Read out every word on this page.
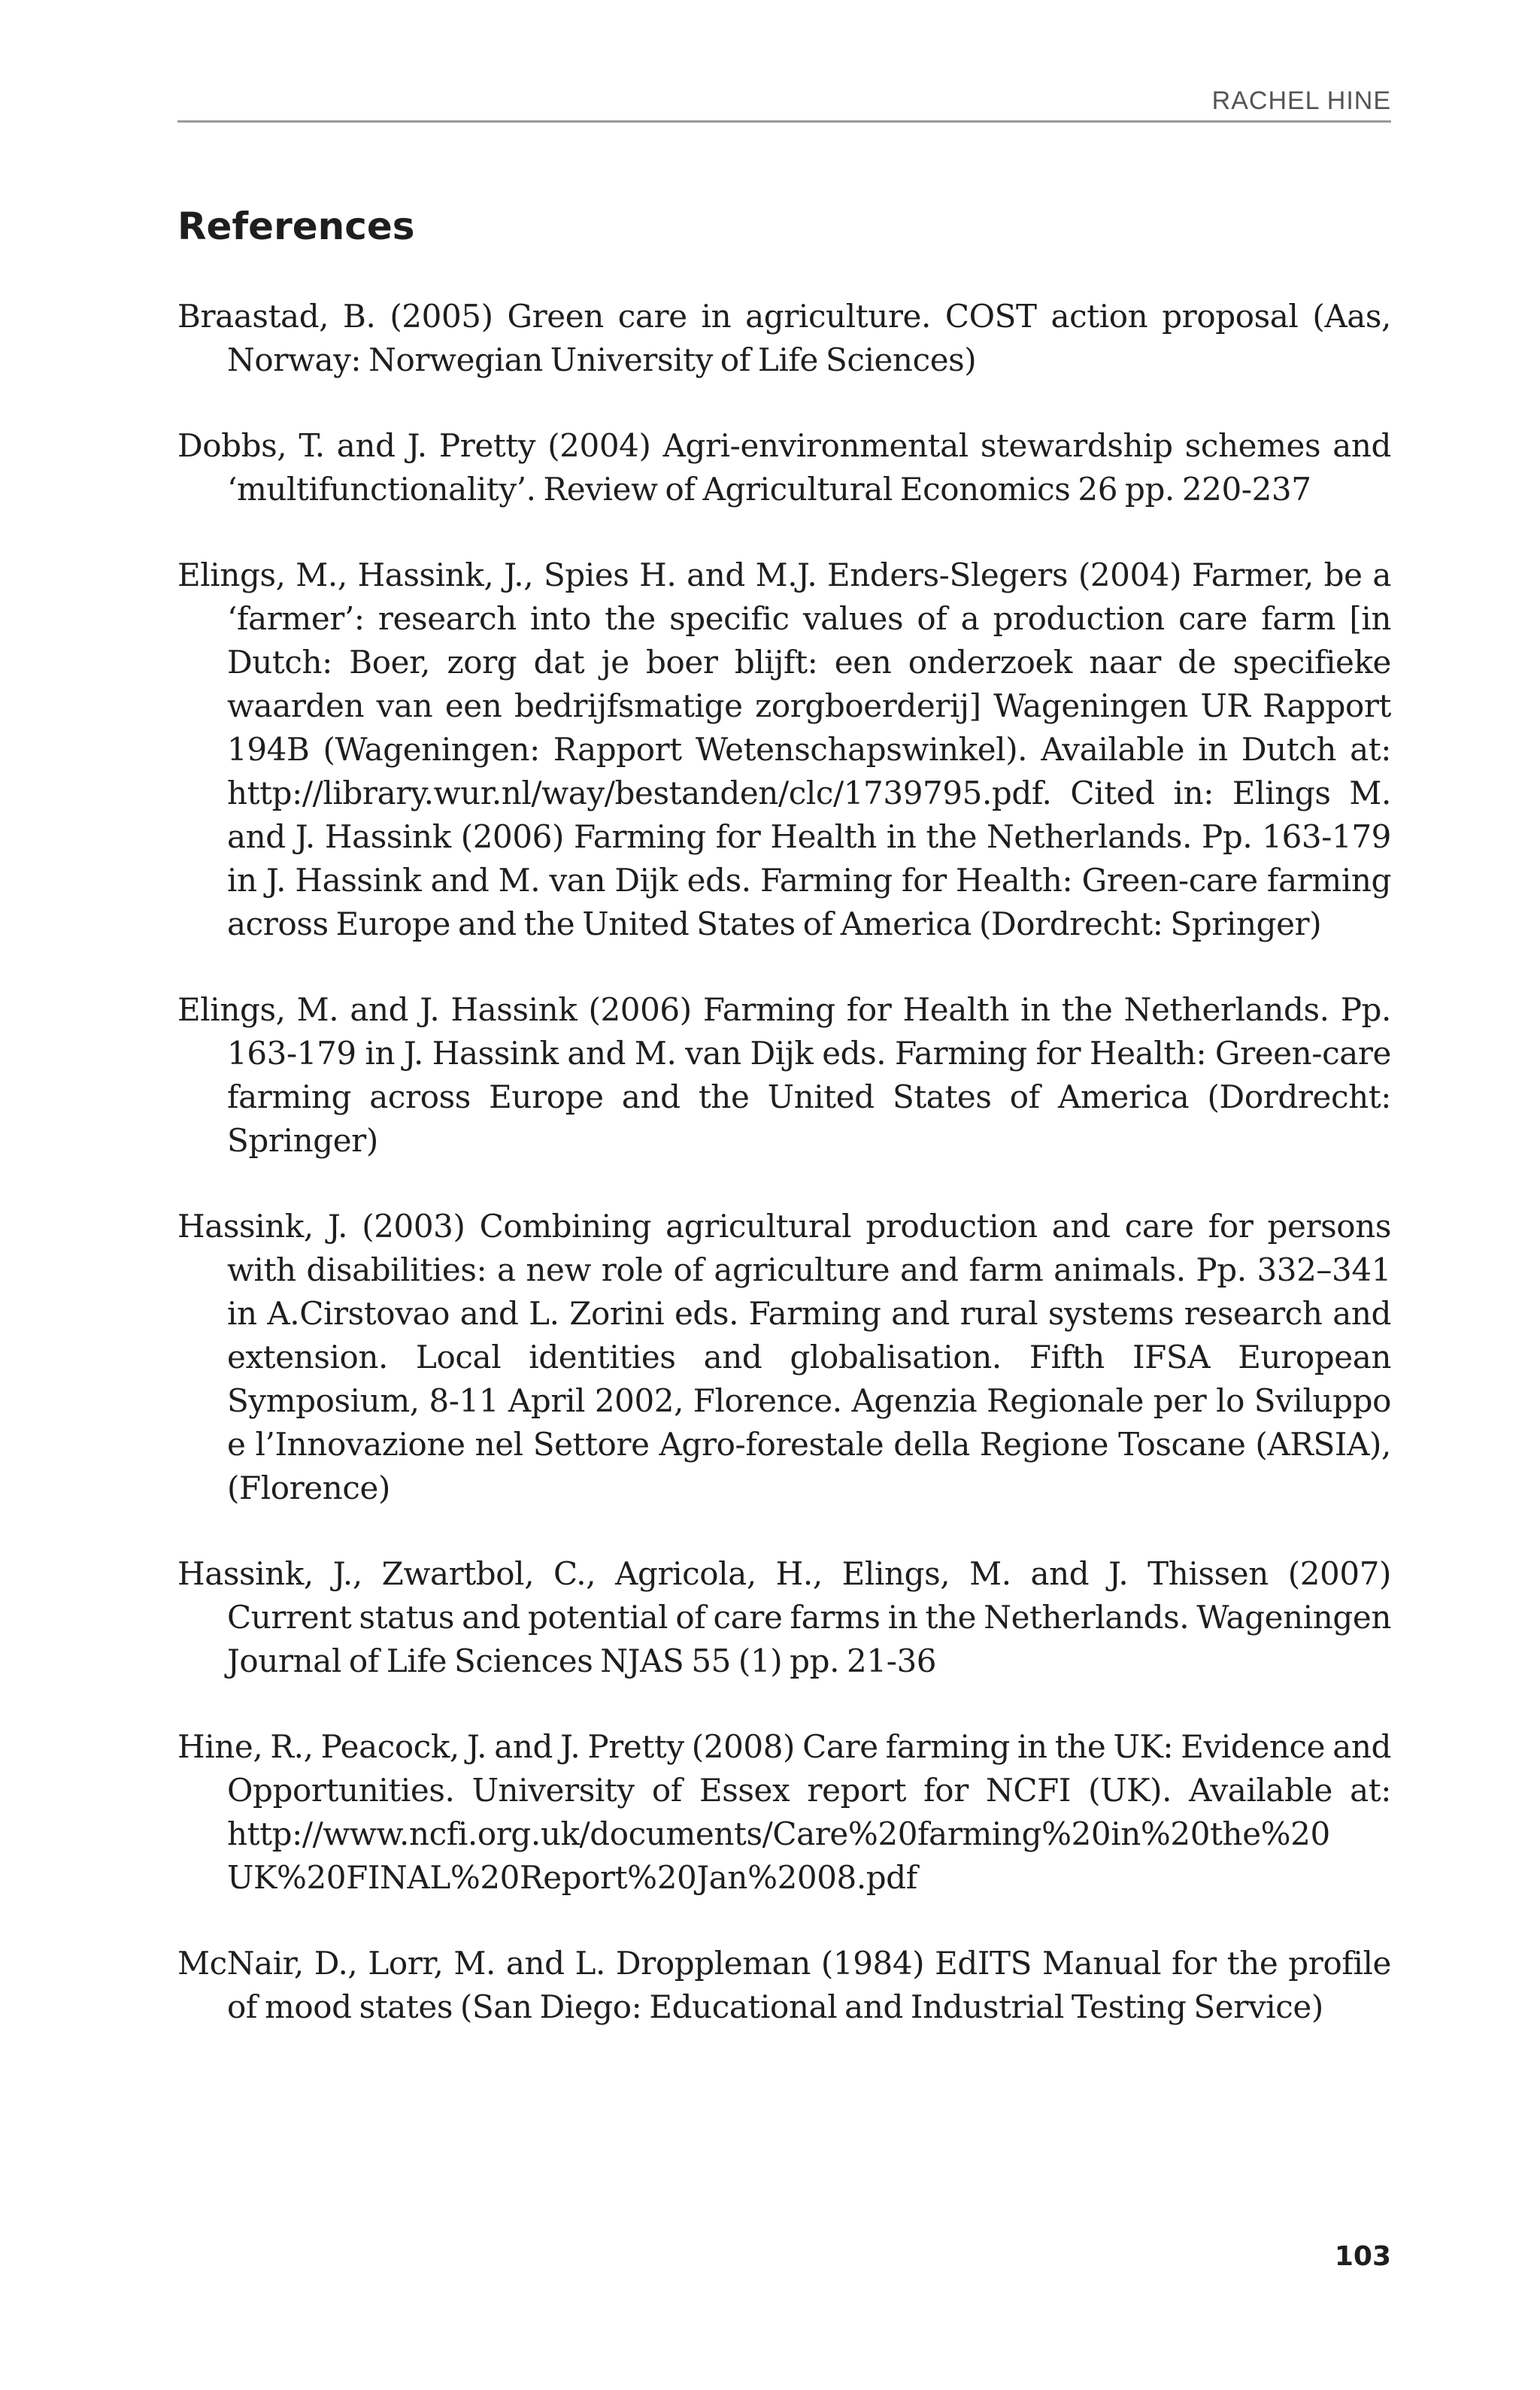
RACHEL HINE
References
Braastad, B. (2005) Green care in agriculture. COST action proposal (Aas, Norway: Norwegian University of Life Sciences)
Dobbs, T. and J. Pretty (2004) Agri-environmental stewardship schemes and ‘multifunctionality’. Review of Agricultural Economics 26 pp. 220-237
Elings, M., Hassink, J., Spies H. and M.J. Enders-Slegers (2004) Farmer, be a ‘farmer’: research into the specific values of a production care farm [in Dutch: Boer, zorg dat je boer blijft: een onderzoek naar de specifieke waarden van een bedrijfsmatige zorgboerderij] Wageningen UR Rapport 194B (Wageningen: Rapport Wetenschapswinkel). Available in Dutch at: http://library.wur.nl/way/bestanden/clc/1739795.pdf. Cited in: Elings M. and J. Hassink (2006) Farming for Health in the Netherlands. Pp. 163-179 in J. Hassink and M. van Dijk eds. Farming for Health: Green-care farming across Europe and the United States of America (Dordrecht: Springer)
Elings, M. and J. Hassink (2006) Farming for Health in the Netherlands. Pp. 163-179 in J. Hassink and M. van Dijk eds. Farming for Health: Green-care farming across Europe and the United States of America (Dordrecht: Springer)
Hassink, J. (2003) Combining agricultural production and care for persons with disabilities: a new role of agriculture and farm animals. Pp. 332–341 in A.Cirstovao and L. Zorini eds. Farming and rural systems research and extension. Local identities and globalisation. Fifth IFSA European Symposium, 8-11 April 2002, Florence. Agenzia Regionale per lo Sviluppo e l’Innovazione nel Settore Agro-forestale della Regione Toscane (ARSIA), (Florence)
Hassink, J., Zwartbol, C., Agricola, H., Elings, M. and J. Thissen (2007) Current status and potential of care farms in the Netherlands. Wageningen Journal of Life Sciences NJAS 55 (1) pp. 21-36
Hine, R., Peacock, J. and J. Pretty (2008) Care farming in the UK: Evidence and Opportunities. University of Essex report for NCFI (UK). Available at: http://www.ncfi.org.uk/documents/Care%20farming%20in%20the%20 UK%20FINAL%20Report%20Jan%2008.pdf
McNair, D., Lorr, M. and L. Droppleman (1984) EdITS Manual for the profile of mood states (San Diego: Educational and Industrial Testing Service)
103
